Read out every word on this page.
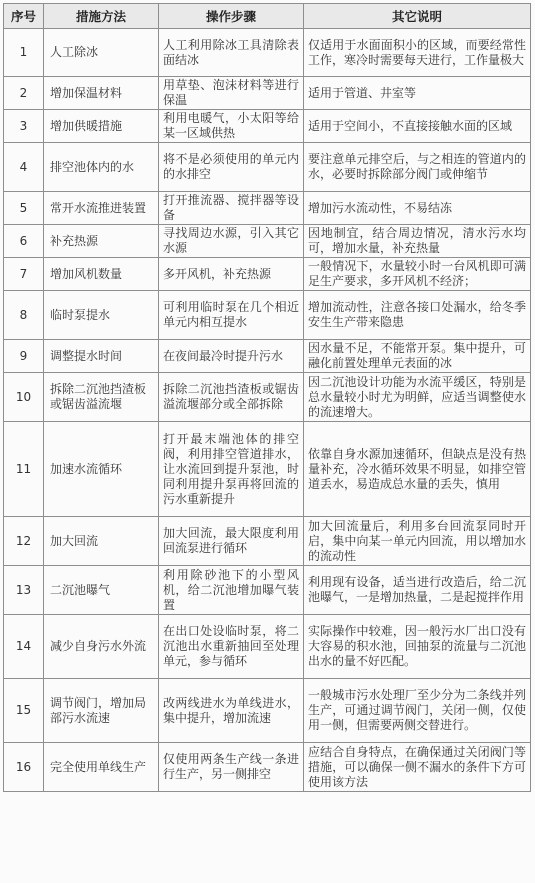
序号	措施方法	操作步骤	其它说明
1	人工除冰	人工利用除冰工具清除表面结冰	仅适用于水面面积小的区域，而要经常性工作，寒冷时需要每天进行，工作量极大
2	增加保温材料	用草垫、泡沫材料等进行保温	适用于管道、井室等
3	增加供暖措施	利用电暖气，小太阳等给某一区域供热	适用于空间小，不直接接触水面的区域
4	排空池体内的水	将不是必须使用的单元内的水排空	要注意单元排空后，与之相连的管道内的水，必要时拆除部分阀门或伸缩节
5	常开水流推进装置	打开推流器、搅拌器等设备	增加污水流动性，不易结冻
6	补充热源	寻找周边水源，引入其它水源	因地制宜，结合周边情况，清水污水均可，增加水量，补充热量
7	增加风机数量	多开风机，补充热源	一般情况下，水量较小时一台风机即可满足生产要求，多开风机不经济；
8	临时泵提水	可利用临时泵在几个相近单元内相互提水	增加流动性，注意各接口处漏水，给冬季安生生产带来隐患
9	调整提水时间	在夜间最冷时提升污水	因水量不足，不能常开泵。集中提升，可融化前置处理单元表面的冰
10	拆除二沉池挡渣板或锯齿溢流堰	拆除二沉池挡渣板或锯齿溢流堰部分或全部拆除	因二沉池设计功能为水流平缓区，特别是总水量较小时尤为明鲜，应适当调整使水的流速增大。
11	加速水流循环	打开最末端池体的排空阀，利用排空管道排水，让水流回到提升泵池，时同利用提升泵再将回流的污水重新提升	依靠自身水源加速循环，但缺点是没有热量补充，冷水循环效果不明显，如排空管道丢水，易造成总水量的丢失，慎用
12	加大回流	加大回流，最大限度利用回流泵进行循环	加大回流量后，利用多台回流泵同时开启，集中向某一单元内回流，用以增加水的流动性
13	二沉池曝气	利用除砂池下的小型风机，给二沉池增加曝气装置	利用现有设备，适当进行改造后，给二沉池曝气，一是增加热量，二是起搅拌作用
14	减少自身污水外流	在出口处设临时泵，将二沉池出水重新抽回至处理单元，参与循环	实际操作中较难，因一般污水厂出口没有大容易的积水池，回抽泵的流量与二沉池出水的量不好匹配。
15	调节阀门，增加局部污水流速	改两线进水为单线进水，集中提升，增加流速	一般城市污水处理厂至少分为二条线并列生产，可通过调节阀门，关闭一侧，仅使用一侧，但需要两侧交替进行。
16	完全使用单线生产	仅使用两条生产线一条进行生产，另一侧排空	应结合自身特点，在确保通过关闭阀门等措施，可以确保一侧不漏水的条件下方可使用该方法
